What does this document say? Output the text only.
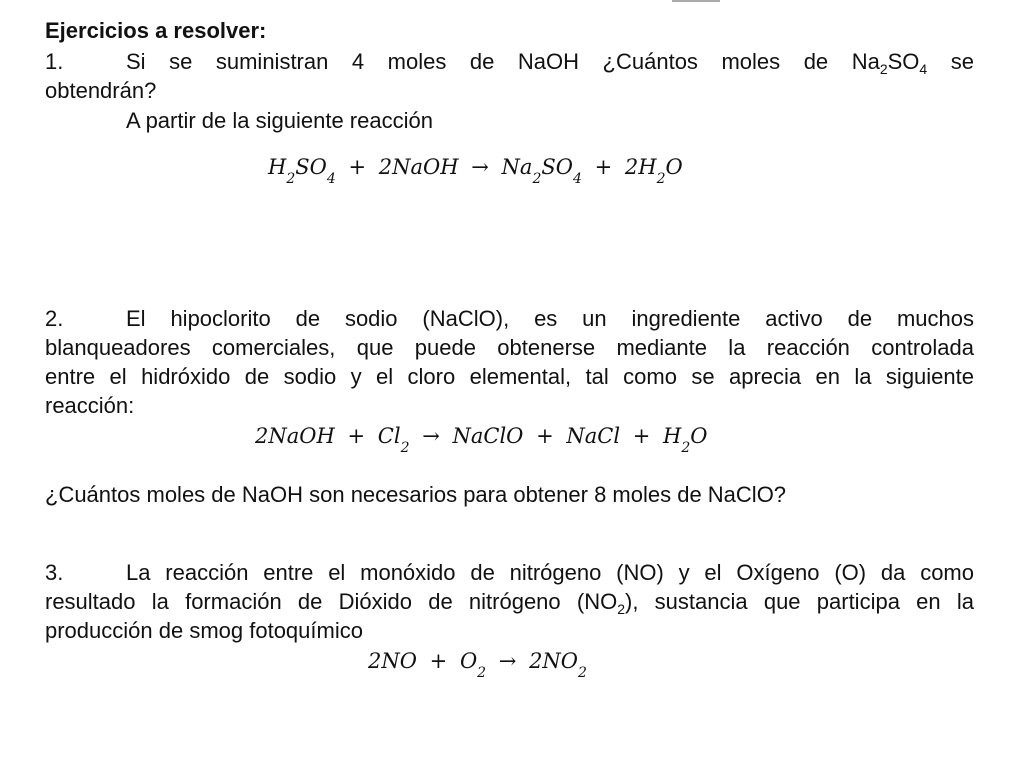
Ejercicios a resolver:
1.	Si se suministran 4 moles de NaOH ¿Cuántos moles de $Na_2SO_4$ se
obtendrán?
A partir de la siguiente reacción
$H_2SO_4$ + 2NaOH → $Na_2SO_4 + 2H_2O$
2.	El hipoclorito de sodio (NaClO), es un ingrediente activo de muchos
blanqueadores comerciales, que puede obtenerse mediante la reacción controlada
entre el hidróxido de sodio y el cloro elemental, tal como se aprecia en la siguiente
reacción:
2NaOH + $Cl_2$ → NaClO + NaCl + $H_2O$
¿Cuántos moles de NaOH son necesarios para obtener 8 moles de NaClO?
3.	La reacción entre el monóxido de nitrógeno (NO) y el Oxígeno (O) da como
resultado la formación de Dióxido de nitrógeno $(NO_2)$, sustancia que participa en la
producción de smog fotoquímico
$2NO + O_2 \to 2NO_2$
